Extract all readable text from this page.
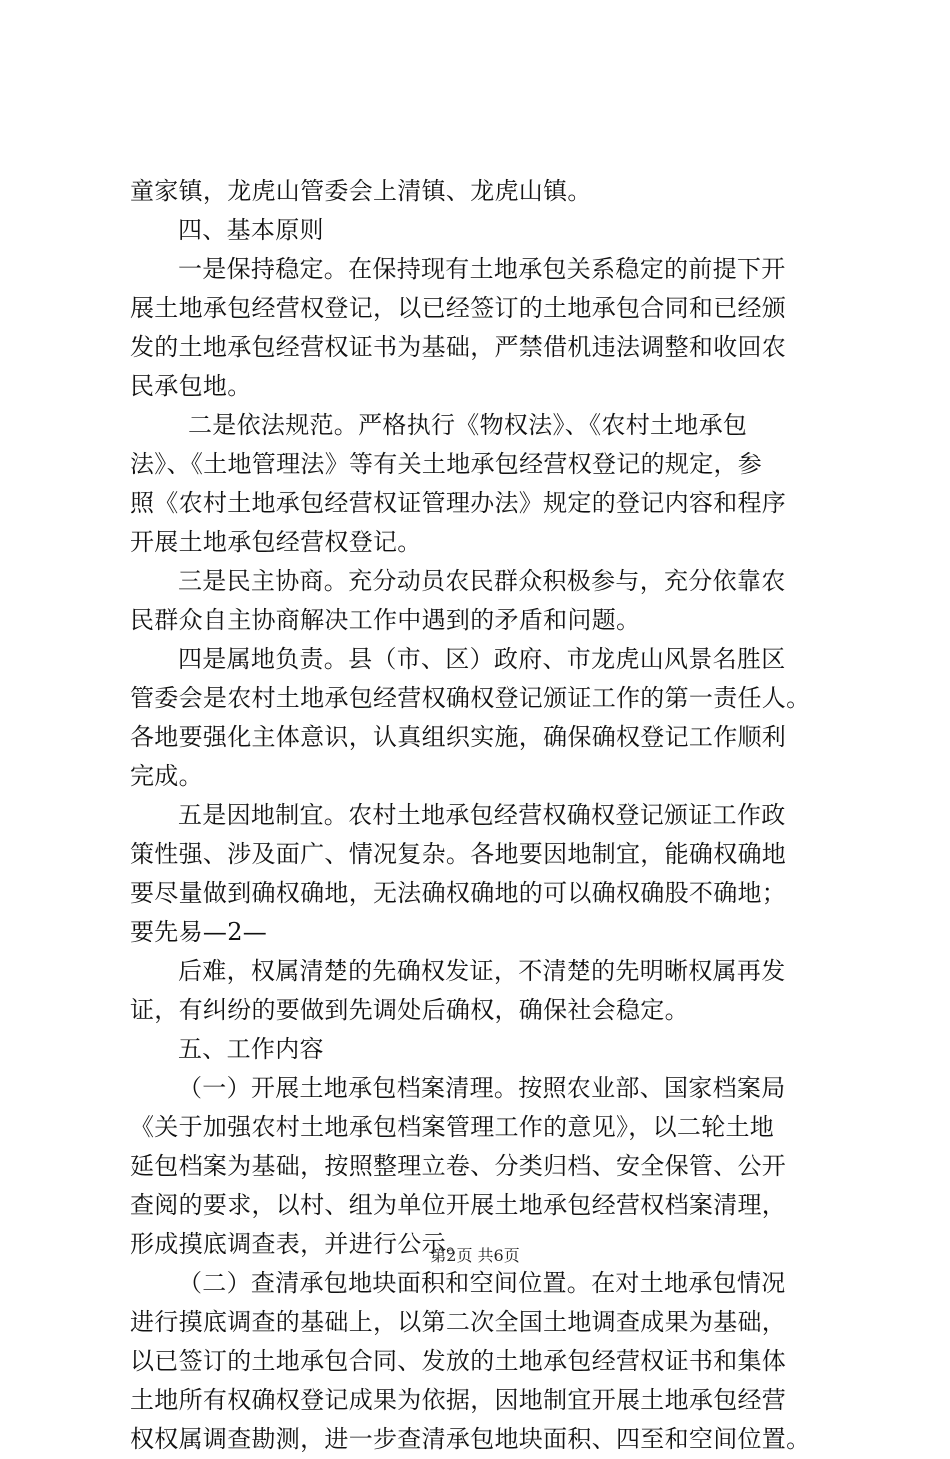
童家镇，龙虎山管委会上清镇、龙虎山镇。
四、基本原则
一是保持稳定。在保持现有土地承包关系稳定的前提下开
展土地承包经营权登记，以已经签订的土地承包合同和已经颁
发的土地承包经营权证书为基础，严禁借机违法调整和收回农
民承包地。
二是依法规范。严格执行《物权法》、《农村土地承包
法》、《土地管理法》等有关土地承包经营权登记的规定，参
照《农村土地承包经营权证管理办法》规定的登记内容和程序
开展土地承包经营权登记。
三是民主协商。充分动员农民群众积极参与，充分依靠农
民群众自主协商解决工作中遇到的矛盾和问题。
四是属地负责。县（市、区）政府、市龙虎山风景名胜区
管委会是农村土地承包经营权确权登记颁证工作的第一责任人。
各地要强化主体意识，认真组织实施，确保确权登记工作顺利
完成。
五是因地制宜。农村土地承包经营权确权登记颁证工作政
策性强、涉及面广、情况复杂。各地要因地制宜，能确权确地
要尽量做到确权确地，无法确权确地的可以确权确股不确地；
要先易—2—
后难，权属清楚的先确权发证，不清楚的先明晰权属再发
证，有纠纷的要做到先调处后确权，确保社会稳定。
五、工作内容
（一）开展土地承包档案清理。按照农业部、国家档案局
《关于加强农村土地承包档案管理工作的意见》，以二轮土地
延包档案为基础，按照整理立卷、分类归档、安全保管、公开
查阅的要求，以村、组为单位开展土地承包经营权档案清理，
形成摸底调查表，并进行公示。
（二）查清承包地块面积和空间位置。在对土地承包情况
进行摸底调查的基础上，以第二次全国土地调查成果为基础，
以已签订的土地承包合同、发放的土地承包经营权证书和集体
土地所有权确权登记成果为依据，因地制宜开展土地承包经营
权权属调查勘测，进一步查清承包地块面积、四至和空间位置。
第2页 共6页
